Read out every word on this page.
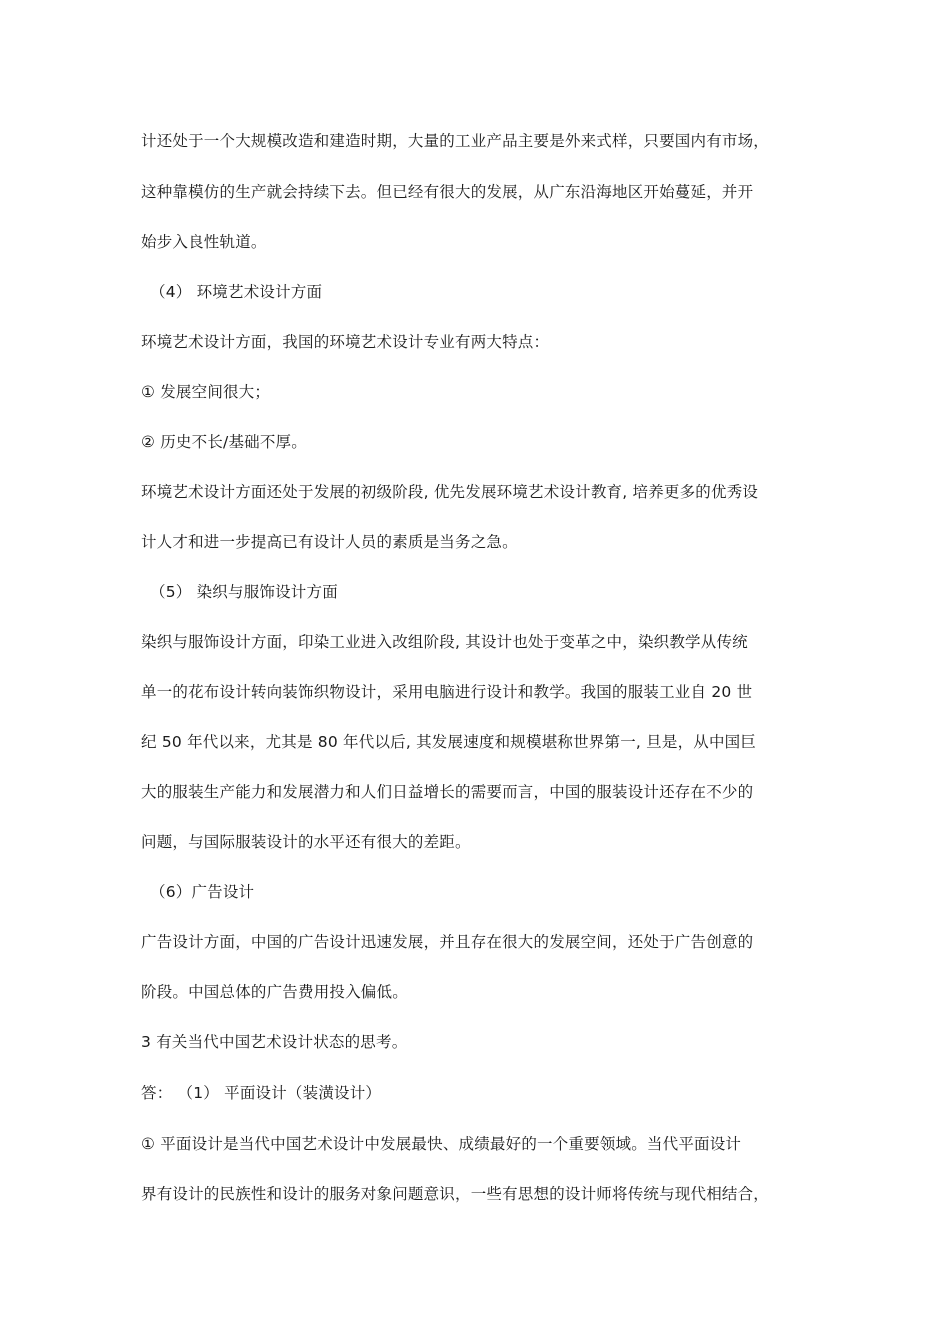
计还处于一个大规模改造和建造时期，大量的工业产品主要是外来式样，只要国内有市场，
这种靠模仿的生产就会持续下去。但已经有很大的发展，从广东沿海地区开始蔓延，并开
始步入良性轨道。
（4） 环境艺术设计方面
环境艺术设计方面，我国的环境艺术设计专业有两大特点：
① 发展空间很大；
② 历史不长/基础不厚。
环境艺术设计方面还处于发展的初级阶段, 优先发展环境艺术设计教育, 培养更多的优秀设
计人才和进一步提高已有设计人员的素质是当务之急。
（5） 染织与服饰设计方面
染织与服饰设计方面，印染工业进入改组阶段, 其设计也处于变革之中，染织教学从传统
单一的花布设计转向装饰织物设计，采用电脑进行设计和教学。我国的服装工业自 20 世
纪 50 年代以来，尤其是 80 年代以后, 其发展速度和规模堪称世界第一, 旦是，从中国巨
大的服装生产能力和发展潜力和人们日益增长的需要而言，中国的服装设计还存在不少的
问题，与国际服装设计的水平还有很大的差距。
（6）广告设计
广告设计方面，中国的广告设计迅速发展，并且存在很大的发展空间，还处于广告创意的
阶段。中国总体的广告费用投入偏低。
3 有关当代中国艺术设计状态的思考。
答： （1） 平面设计（装潢设计）
① 平面设计是当代中国艺术设计中发展最快、成绩最好的一个重要领域。当代平面设计
界有设计的民族性和设计的服务对象问题意识，一些有思想的设计师将传统与现代相结合，
